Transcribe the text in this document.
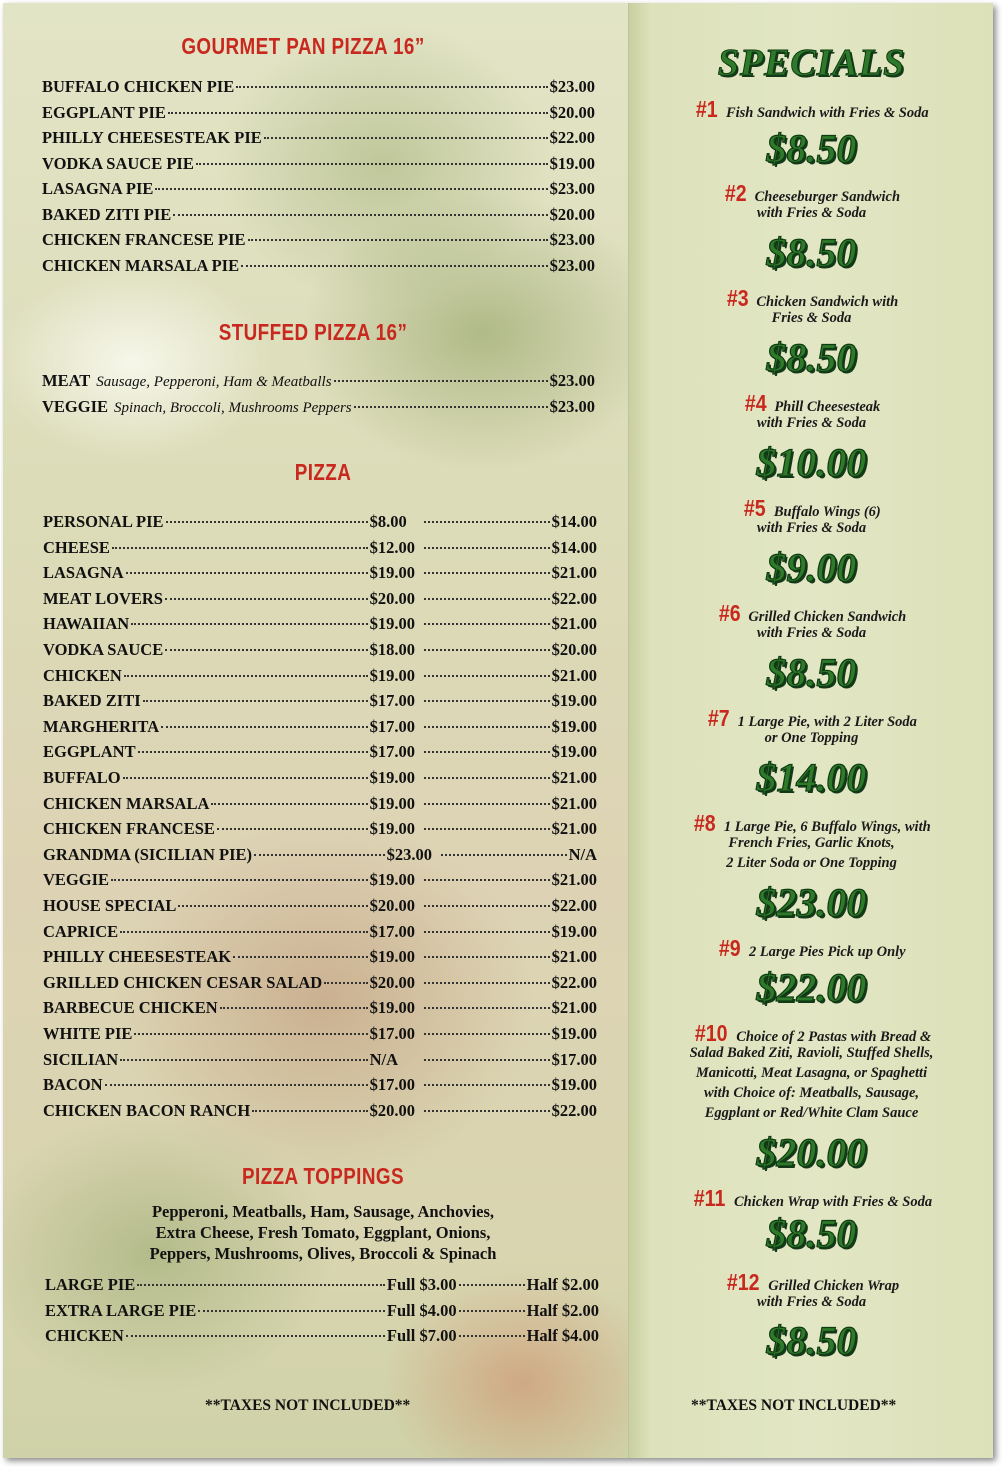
GOURMET PAN PIZZA 16”
BUFFALO CHICKEN PIE	$23.00
EGGPLANT PIE	$20.00
PHILLY CHEESESTEAK PIE	$22.00
VODKA SAUCE PIE	$19.00
LASAGNA PIE	$23.00
BAKED ZITI PIE	$20.00
CHICKEN FRANCESE PIE	$23.00
CHICKEN MARSALA PIE	$23.00
STUFFED PIZZA 16”
MEAT Sausage, Pepperoni, Ham & Meatballs	$23.00
VEGGIE Spinach, Broccoli, Mushrooms Peppers	$23.00
PIZZA
PERSONAL PIE	$8.00	$14.00
CHEESE	$12.00	$14.00
LASAGNA	$19.00	$21.00
MEAT LOVERS	$20.00	$22.00
HAWAIIAN	$19.00	$21.00
VODKA SAUCE	$18.00	$20.00
CHICKEN	$19.00	$21.00
BAKED ZITI	$17.00	$19.00
MARGHERITA	$17.00	$19.00
EGGPLANT	$17.00	$19.00
BUFFALO	$19.00	$21.00
CHICKEN MARSALA	$19.00	$21.00
CHICKEN FRANCESE	$19.00	$21.00
GRANDMA (SICILIAN PIE)	$23.00	N/A
VEGGIE	$19.00	$21.00
HOUSE SPECIAL	$20.00	$22.00
CAPRICE	$17.00	$19.00
PHILLY CHEESESTEAK	$19.00	$21.00
GRILLED CHICKEN CESAR SALAD	$20.00	$22.00
BARBECUE CHICKEN	$19.00	$21.00
WHITE PIE	$17.00	$19.00
SICILIAN	N/A	$17.00
BACON	$17.00	$19.00
CHICKEN BACON RANCH	$20.00	$22.00
PIZZA TOPPINGS
Pepperoni, Meatballs, Ham, Sausage, Anchovies,
Extra Cheese, Fresh Tomato, Eggplant, Onions,
Peppers, Mushrooms, Olives, Broccoli & Spinach
LARGE PIE	Full $3.00	Half $2.00
EXTRA LARGE PIE	Full $4.00	Half $2.00
CHICKEN	Full $7.00	Half $4.00
**TAXES NOT INCLUDED**
SPECIALS
#1 Fish Sandwich with Fries & Soda
$8.50
#2 Cheeseburger Sandwich
with Fries & Soda
$8.50
#3 Chicken Sandwich with
Fries & Soda
$8.50
#4 Phill Cheesesteak
with Fries & Soda
$10.00
#5 Buffalo Wings (6)
with Fries & Soda
$9.00
#6 Grilled Chicken Sandwich
with Fries & Soda
$8.50
#7 1 Large Pie, with 2 Liter Soda
or One Topping
$14.00
#8 1 Large Pie, 6 Buffalo Wings, with
French Fries, Garlic Knots,
2 Liter Soda or One Topping
$23.00
#9 2 Large Pies Pick up Only
$22.00
#10 Choice of 2 Pastas with Bread &
Salad Baked Ziti, Ravioli, Stuffed Shells,
Manicotti, Meat Lasagna, or Spaghetti
with Choice of: Meatballs, Sausage,
Eggplant or Red/White Clam Sauce
$20.00
#11 Chicken Wrap with Fries & Soda
$8.50
#12 Grilled Chicken Wrap
with Fries & Soda
$8.50
**TAXES NOT INCLUDED**
